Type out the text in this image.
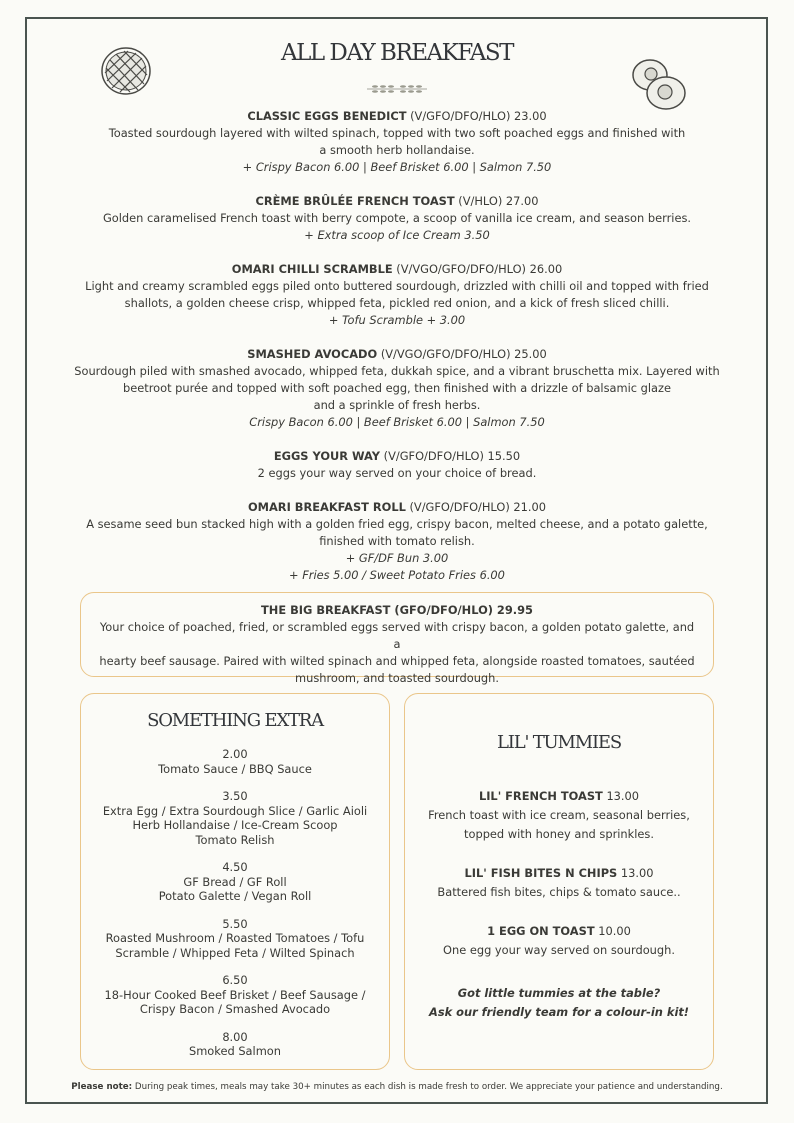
ALL DAY BREAKFAST

CLASSIC EGGS BENEDICT (V/GFO/DFO/HLO) 23.00

Toasted sourdough layered with wilted spinach, topped with two soft poached eggs and finished with

a smooth herb hollandaise.

+ Crispy Bacon 6.00 | Beef Brisket 6.00 | Salmon 7.50

CRÈME BRÛLÉE FRENCH TOAST (V/HLO) 27.00

Golden caramelised French toast with berry compote, a scoop of vanilla ice cream, and season berries.

+ Extra scoop of Ice Cream 3.50

OMARI CHILLI SCRAMBLE (V/VGO/GFO/DFO/HLO) 26.00

Light and creamy scrambled eggs piled onto buttered sourdough, drizzled with chilli oil and topped with fried

shallots, a golden cheese crisp, whipped feta, pickled red onion, and a kick of fresh sliced chilli.

+ Tofu Scramble + 3.00

SMASHED AVOCADO (V/VGO/GFO/DFO/HLO) 25.00

Sourdough piled with smashed avocado, whipped feta, dukkah spice, and a vibrant bruschetta mix. Layered with

beetroot purée and topped with soft poached egg, then finished with a drizzle of balsamic glaze

and a sprinkle of fresh herbs.

Crispy Bacon 6.00 | Beef Brisket 6.00 | Salmon 7.50

EGGS YOUR WAY (V/GFO/DFO/HLO) 15.50

2 eggs your way served on your choice of bread.

OMARI BREAKFAST ROLL (V/GFO/DFO/HLO) 21.00

A sesame seed bun stacked high with a golden fried egg, crispy bacon, melted cheese, and a potato galette,

finished with tomato relish.

+ GF/DF Bun 3.00

+ Fries 5.00 / Sweet Potato Fries 6.00

THE BIG BREAKFAST (GFO/DFO/HLO) 29.95

Your choice of poached, fried, or scrambled eggs served with crispy bacon, a golden potato galette, and a

hearty beef sausage. Paired with wilted spinach and whipped feta, alongside roasted tomatoes, sautéed

mushroom, and toasted sourdough.

SOMETHING EXTRA

2.00

Tomato Sauce / BBQ Sauce

3.50

Extra Egg / Extra Sourdough Slice / Garlic Aioli

Herb Hollandaise / Ice-Cream Scoop

Tomato Relish

4.50

GF Bread / GF Roll

Potato Galette / Vegan Roll

5.50

Roasted Mushroom / Roasted Tomatoes / Tofu

Scramble / Whipped Feta / Wilted Spinach

6.50

18-Hour Cooked Beef Brisket / Beef Sausage /

Crispy Bacon / Smashed Avocado

8.00

Smoked Salmon

LIL' TUMMIES

LIL' FRENCH TOAST 13.00

French toast with ice cream, seasonal berries,

topped with honey and sprinkles.

LIL' FISH BITES N CHIPS 13.00

Battered fish bites, chips & tomato sauce..

1 EGG ON TOAST 10.00

One egg your way served on sourdough.

Got little tummies at the table?

Ask our friendly team for a colour-in kit!

Please note: During peak times, meals may take 30+ minutes as each dish is made fresh to order. We appreciate your patience and understanding.
